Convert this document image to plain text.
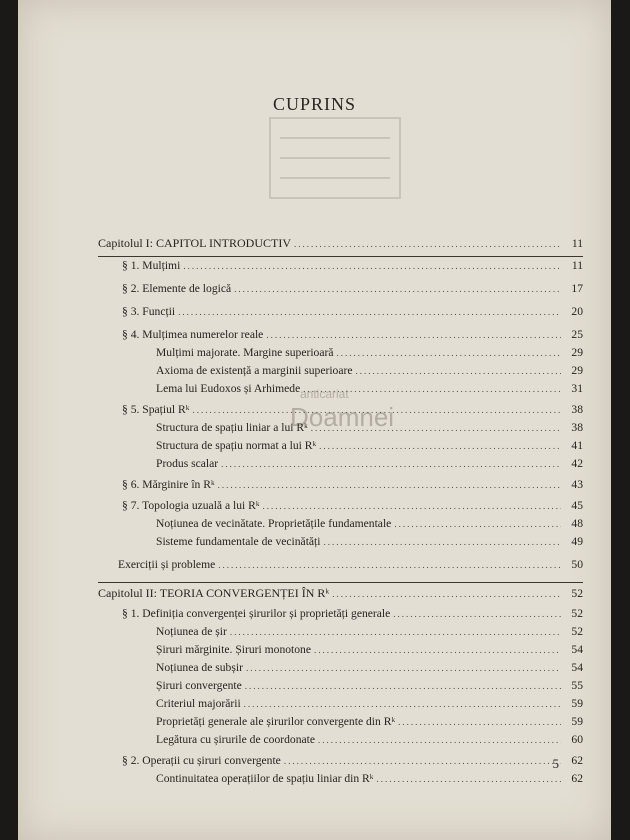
CUPRINS
anticariat
Doamnei
Capitolul I: CAPITOL INTRODUCTIV .....	11
§ 1. Mulțimi .....	11
§ 2. Elemente de logică .....	17
§ 3. Funcții .....	20
§ 4. Mulțimea numerelor reale .....	25
Mulțimi majorate. Margine superioară .....	29
Axioma de existență a marginii superioare .....	29
Lema lui Eudoxos și Arhimede .....	31
§ 5. Spațiul Rᵏ .....	38
Structura de spațiu liniar a lui Rᵏ .....	38
Structura de spațiu normat a lui Rᵏ .....	41
Produs scalar .....	42
§ 6. Mărginire în Rᵏ .....	43
§ 7. Topologia uzuală a lui Rᵏ .....	45
Noțiunea de vecinătate. Proprietățile fundamentale .....	48
Sisteme fundamentale de vecinătăți .....	49
Exerciții și probleme .....	50
Capitolul II: TEORIA CONVERGENȚEI ÎN Rᵏ .....	52
§ 1. Definiția convergenței șirurilor și proprietăți generale .....	52
Noțiunea de șir .....	52
Șiruri mărginite. Șiruri monotone .....	54
Noțiunea de subșir .....	54
Șiruri convergente .....	55
Criteriul majorării .....	59
Proprietăți generale ale șirurilor convergente din Rᵏ .....	59
Legătura cu șirurile de coordonate .....	60
§ 2. Operații cu șiruri convergente .....	62
Continuitatea operațiilor de spațiu liniar din Rᵏ .....	62
5
